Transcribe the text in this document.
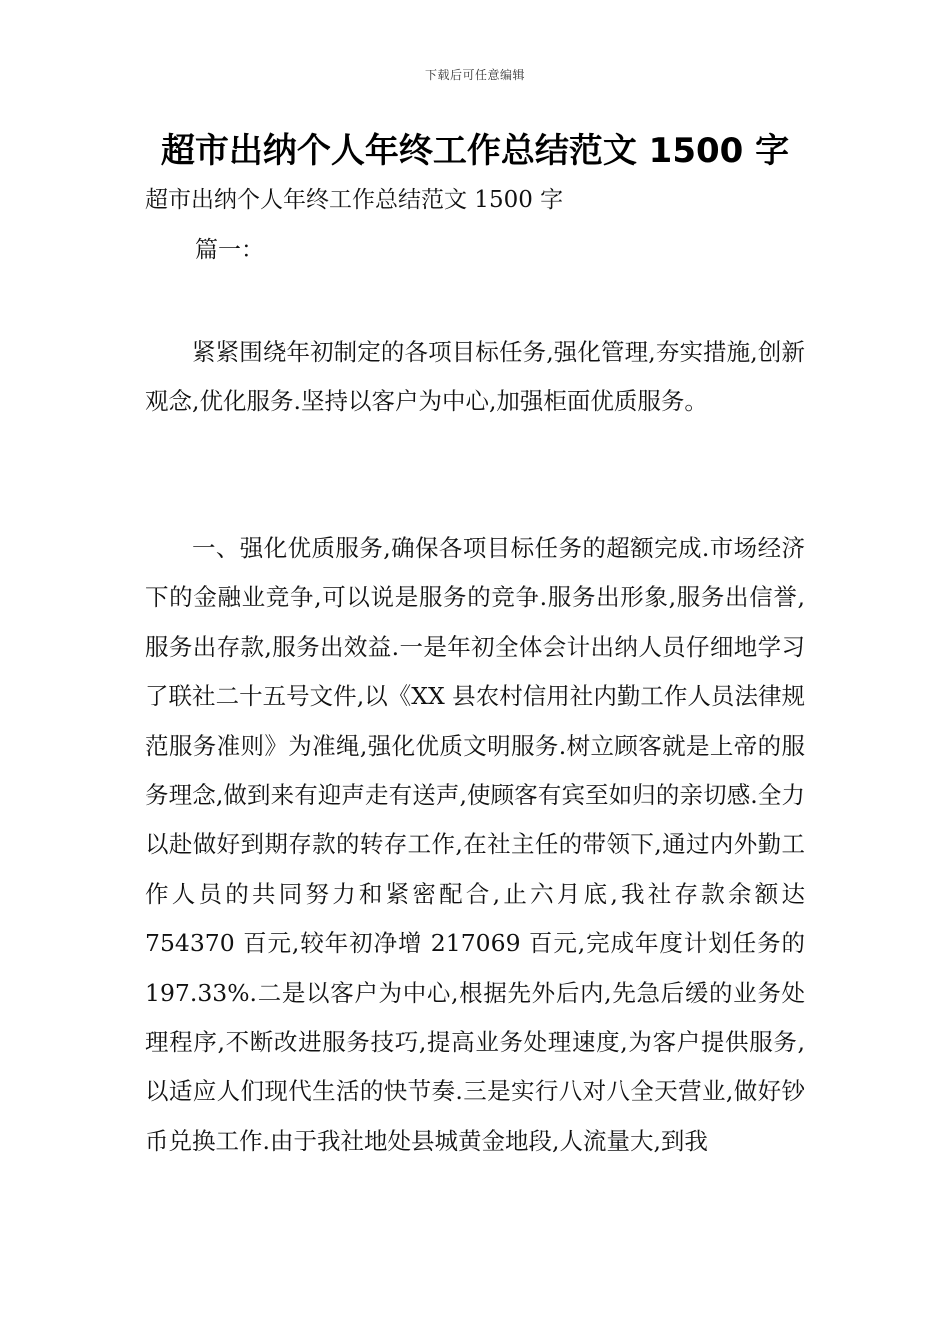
下载后可任意编辑
超市出纳个人年终工作总结范文 1500 字

超市出纳个人年终工作总结范文 1500 字

篇一：

紧紧围绕年初制定的各项目标任务,强化管理,夯实措施,创新观念,优化服务.坚持以客户为中心,加强柜面优质服务。

一、强化优质服务,确保各项目标任务的超额完成.市场经济下的金融业竞争,可以说是服务的竞争.服务出形象,服务出信誉,服务出存款,服务出效益.一是年初全体会计出纳人员仔细地学习了联社二十五号文件,以《XX 县农村信用社内勤工作人员法律规范服务准则》为准绳,强化优质文明服务.树立顾客就是上帝的服务理念,做到来有迎声走有送声,使顾客有宾至如归的亲切感.全力以赴做好到期存款的转存工作,在社主任的带领下,通过内外勤工作人员的共同努力和紧密配合,止六月底,我社存款余额达 754370 百元,较年初净增 217069 百元,完成年度计划任务的 197.33%.二是以客户为中心,根据先外后内,先急后缓的业务处理程序,不断改进服务技巧,提高业务处理速度,为客户提供服务,以适应人们现代生活的快节奏.三是实行八对八全天营业,做好钞币兑换工作.由于我社地处县城黄金地段,人流量大,到我
